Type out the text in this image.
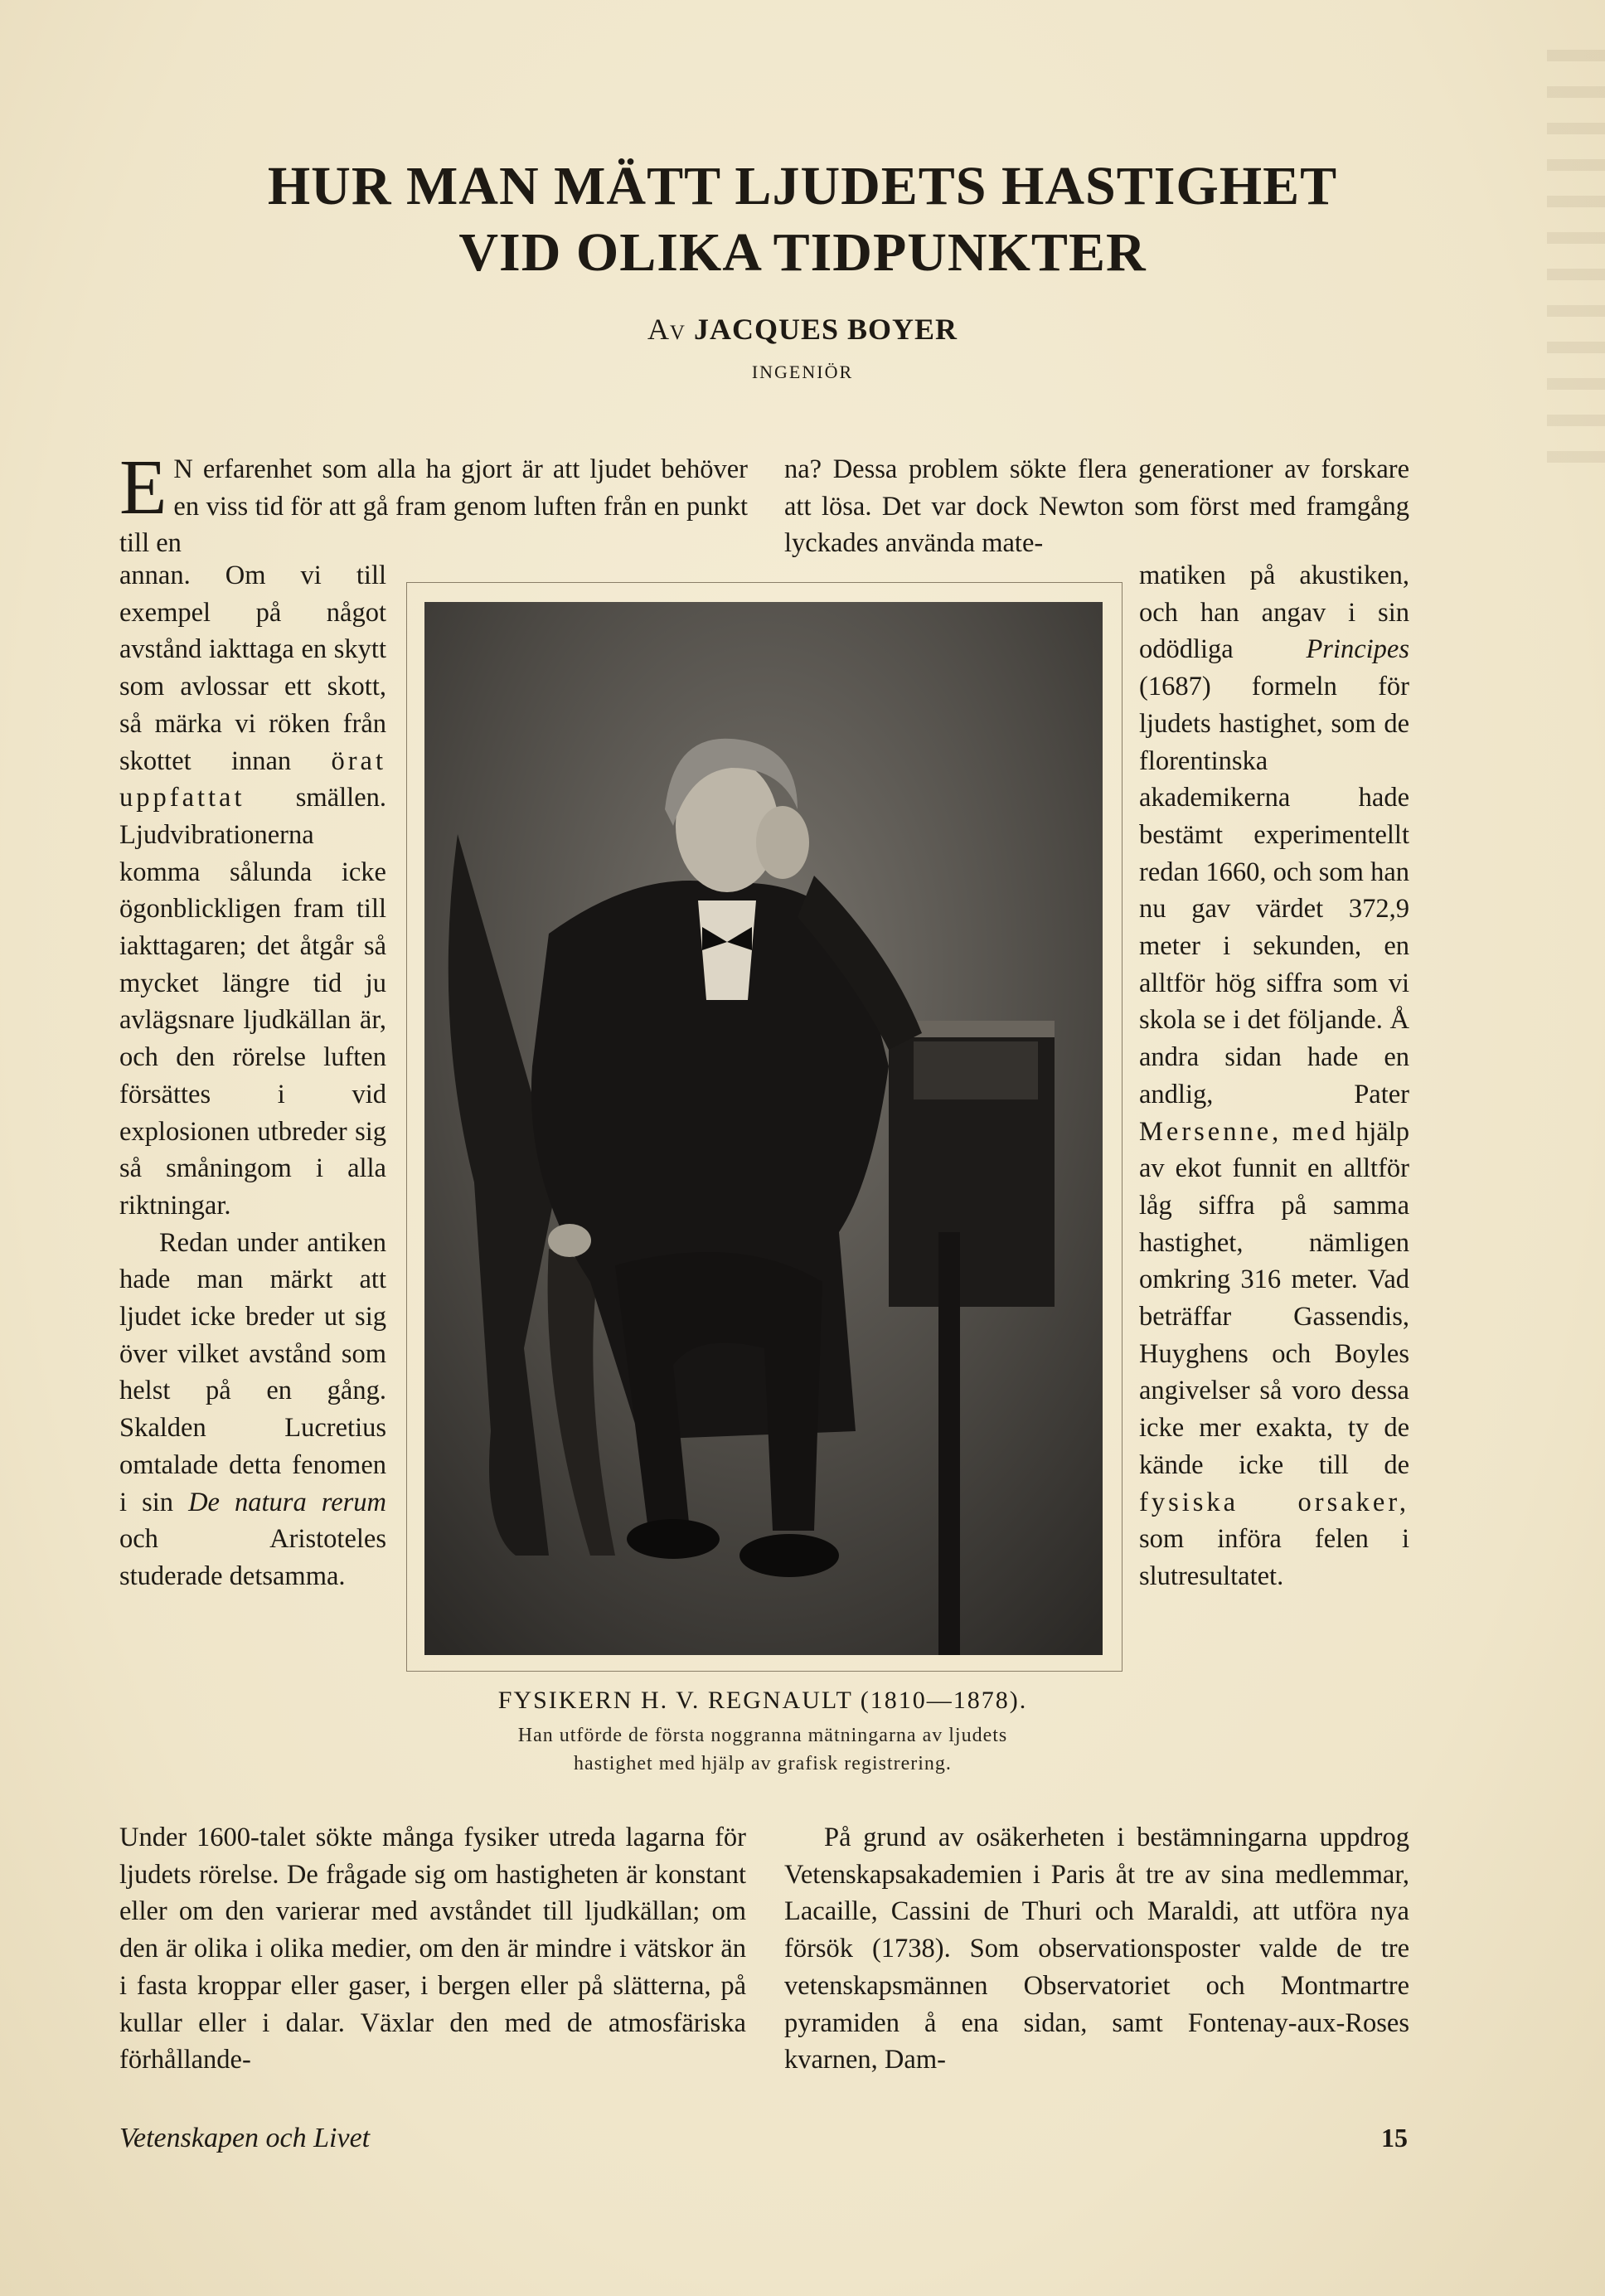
HUR MAN MÄTT LJUDETS HASTIGHET
VID OLIKA TIDPUNKTER
Av JACQUES BOYER
INGENIÖR

E N erfarenhet som alla ha gjort är att ljudet behöver en viss tid för att gå fram genom luften från en punkt till en

annan. Om vi till exempel på något avstånd iakttaga en skytt som avlossar ett skott, så märka vi röken från skottet innan örat uppfattat smällen. Ljudvibrationerna komma sålunda icke ögonblickligen fram till iakttagaren; det åtgår så mycket längre tid ju avlägsnare ljudkällan är, och den rörelse luften försättes i vid explosionen utbreder sig så småningom i alla riktningar.

Redan under antiken hade man märkt att ljudet icke breder ut sig över vilket avstånd som helst på en gång. Skalden Lucretius omtalade detta fenomen i sin De natura rerum och Aristoteles studerade detsamma.

na? Dessa problem sökte flera generationer av forskare att lösa. Det var dock Newton som först med framgång lyckades använda mate-

matiken på akustiken, och han angav i sin odödliga	Principes (1687) formeln för ljudets hastighet, som de florentinska akademikerna hade bestämt experimentellt redan 1660, och som han nu gav värdet 372,9 meter i sekunden, en alltför hög siffra som vi skola se i det följande. Å andra sidan hade en andlig, Pater Mersenne, med hjälp av ekot funnit en alltför låg siffra på samma hastighet, nämligen omkring 316 meter. Vad beträffar Gassendis, Huyghens och Boyles angivelser så voro dessa icke mer exakta, ty de kände icke till de fysiska orsaker, som införa felen i slutresultatet.

FYSIKERN H. V. REGNAULT (1810—1878).
Han utförde de första noggranna mätningarna av ljudets
hastighet med hjälp av grafisk registrering.

Under 1600-talet sökte många fysiker utreda lagarna för ljudets rörelse. De frågade sig om hastigheten är konstant eller om den varierar med avståndet till ljudkällan; om den är olika i olika medier, om den är mindre i vätskor än i fasta kroppar eller gaser, i bergen eller på slätterna, på kullar eller i dalar. Växlar den med de atmosfäriska förhållande-

På grund av osäkerheten i bestämningarna uppdrog Vetenskapsakademien i Paris åt tre av sina medlemmar, Lacaille, Cassini de Thuri och Maraldi, att utföra nya försök (1738). Som observationsposter valde de tre vetenskapsmännen Observatoriet och Montmartre pyramiden å ena sidan, samt Fontenay-aux-Roses kvarnen, Dam-

Vetenskapen och Livet	15
